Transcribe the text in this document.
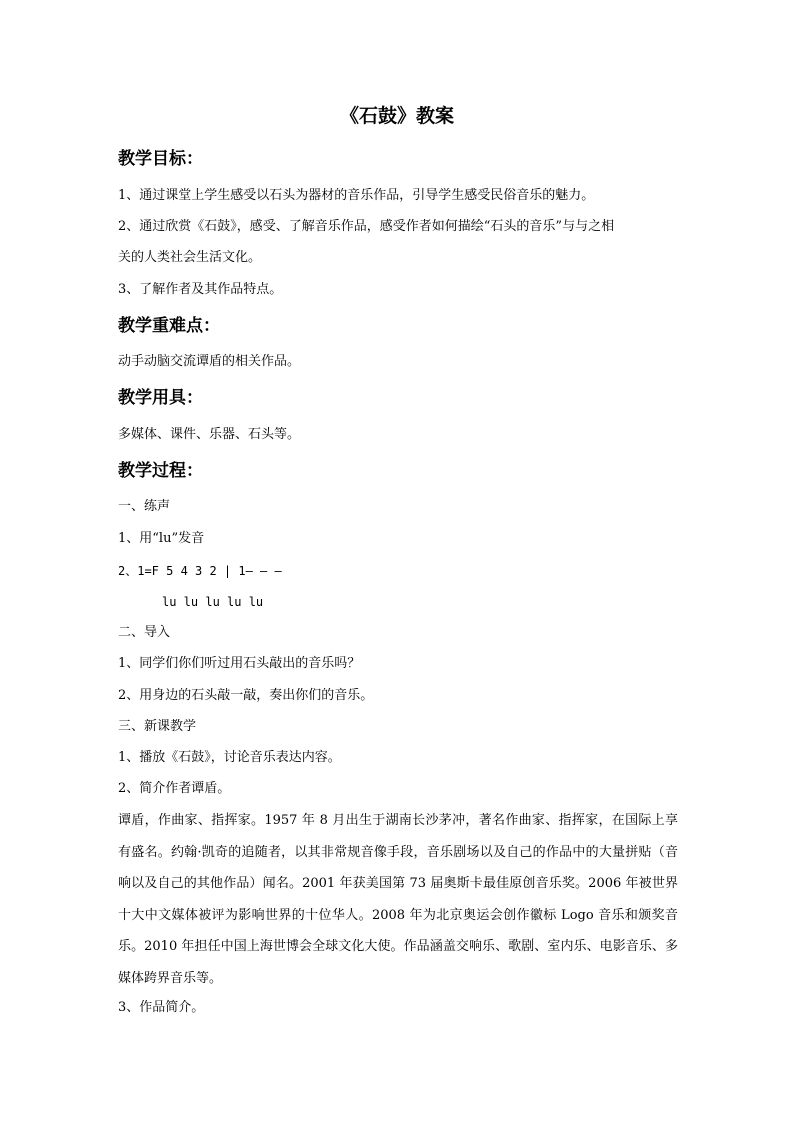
《石鼓》教案
教学目标：

1、通过课堂上学生感受以石头为器材的音乐作品，引导学生感受民俗音乐的魅力。

2、通过欣赏《石鼓》，感受、了解音乐作品，感受作者如何描绘“石头的音乐”与与之相

关的人类社会生活文化。

3、了解作者及其作品特点。

教学重难点：

动手动脑交流谭盾的相关作品。

教学用具：

多媒体、课件、乐器、石头等。

教学过程：

一、练声

1、用“lu”发音

2、1=F 5 4 3 2 | 1— — —

lu lu lu lu lu

二、导入

1、同学们你们听过用石头敲出的音乐吗？

2、用身边的石头敲一敲，奏出你们的音乐。

三、新课教学

1、播放《石鼓》，讨论音乐表达内容。

2、简介作者谭盾。

谭盾，作曲家、指挥家。1957 年 8 月出生于湖南长沙茅冲，著名作曲家、指挥家，在国际上享有盛名。约翰·凯奇的追随者，以其非常规音像手段，音乐剧场以及自己的作品中的大量拼贴（音响以及自己的其他作品）闻名。2001 年获美国第 73 届奥斯卡最佳原创音乐奖。2006 年被世界十大中文媒体被评为影响世界的十位华人。2008 年为北京奥运会创作徽标 Logo 音乐和颁奖音乐。2010 年担任中国上海世博会全球文化大使。作品涵盖交响乐、歌剧、室内乐、电影音乐、多媒体跨界音乐等。

3、作品简介。
